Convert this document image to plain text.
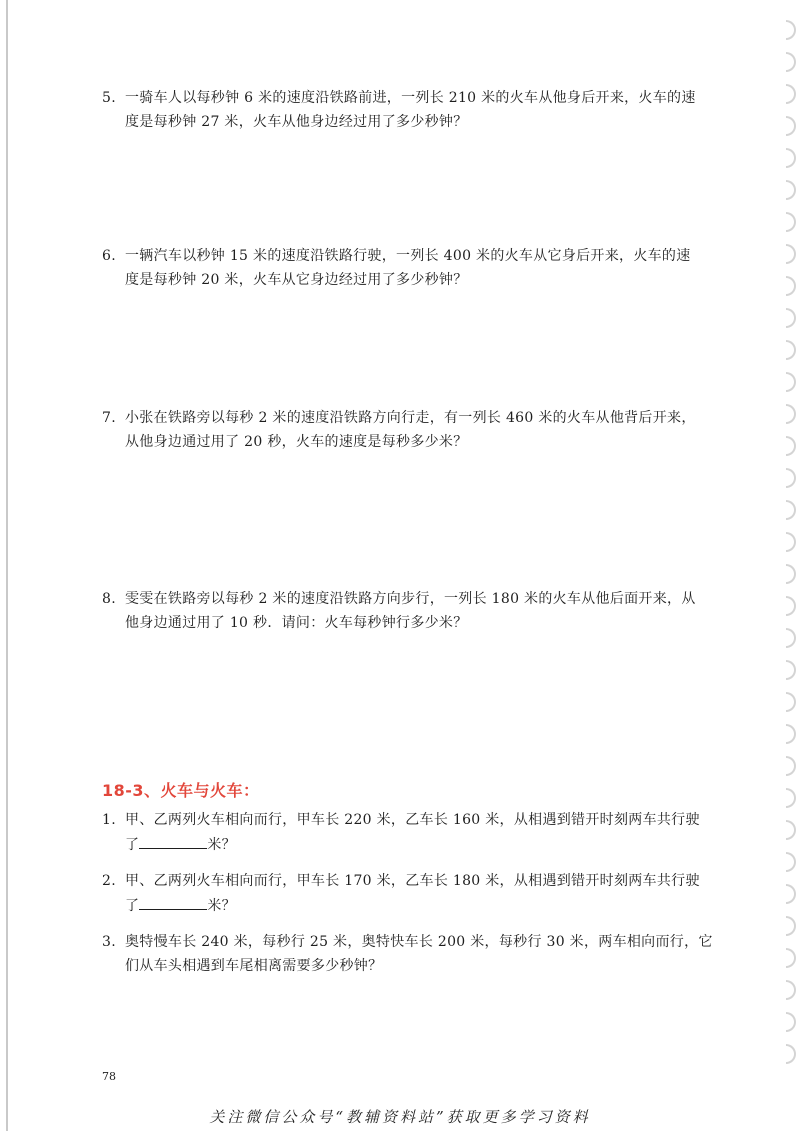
5. 一骑车人以每秒钟 6 米的速度沿铁路前进，一列长 210 米的火车从他身后开来，火车的速
度是每秒钟 27 米，火车从他身边经过用了多少秒钟？
6. 一辆汽车以秒钟 15 米的速度沿铁路行驶，一列长 400 米的火车从它身后开来，火车的速
度是每秒钟 20 米，火车从它身边经过用了多少秒钟？
7. 小张在铁路旁以每秒 2 米的速度沿铁路方向行走，有一列长 460 米的火车从他背后开来，
从他身边通过用了 20 秒，火车的速度是每秒多少米？
8. 雯雯在铁路旁以每秒 2 米的速度沿铁路方向步行，一列长 180 米的火车从他后面开来，从
他身边通过用了 10 秒．请问：火车每秒钟行多少米？
18-3、火车与火车：
1. 甲、乙两列火车相向而行，甲车长 220 米，乙车长 160 米，从相遇到错开时刻两车共行驶
了	米？
2. 甲、乙两列火车相向而行，甲车长 170 米，乙车长 180 米，从相遇到错开时刻两车共行驶
了	米？
3. 奥特慢车长 240 米，每秒行 25 米，奥特快车长 200 米，每秒行 30 米，两车相向而行，它
们从车头相遇到车尾相离需要多少秒钟？
78
关注微信公众号“教辅资料站”获取更多学习资料
